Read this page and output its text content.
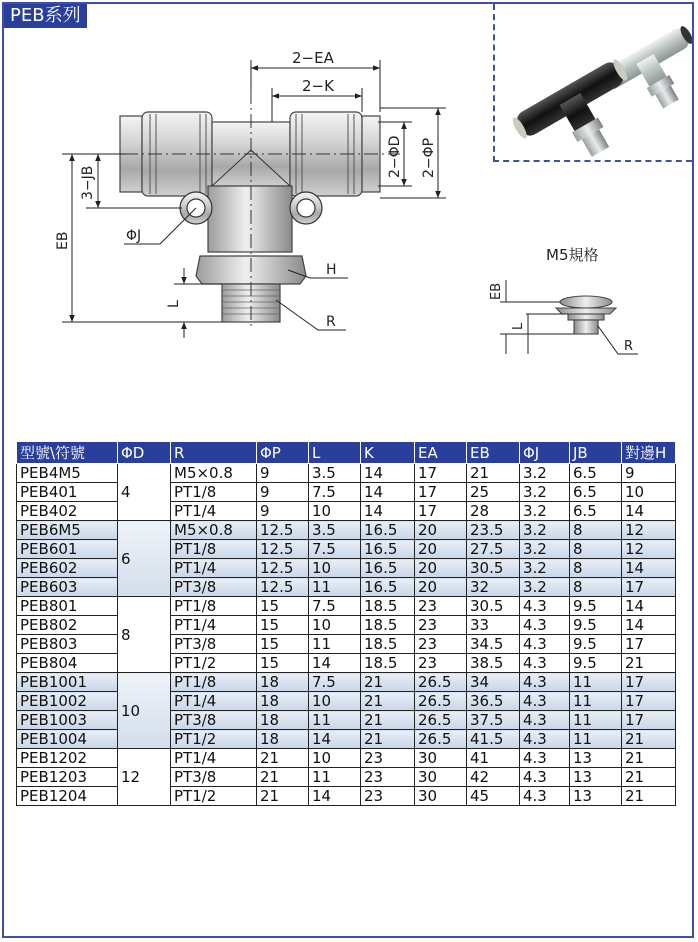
PEB系列
2−EA
2−K
2−ΦD 2−ΦP
3−JB
EB	ΦJ
H
L
R
M5規格
EB
L
R
型號\符號	ΦD	R	ΦP	L	K	EA	EB	ΦJ	JB	對邊H
PEB4M5	4	M5×0.8	9	3.5	14	17	21	3.2	6.5	9
PEB401		PT1/8	9	7.5	14	17	25	3.2	6.5	10
PEB402		PT1/4	9	10	14	17	28	3.2	6.5	14
PEB6M5	6	M5×0.8	12.5	3.5	16.5	20	23.5	3.2	8	12
PEB601		PT1/8	12.5	7.5	16.5	20	27.5	3.2	8	12
PEB602		PT1/4	12.5	10	16.5	20	30.5	3.2	8	14
PEB603		PT3/8	12.5	11	16.5	20	32	3.2	8	17
PEB801	8	PT1/8	15	7.5	18.5	23	30.5	4.3	9.5	14
PEB802		PT1/4	15	10	18.5	23	33	4.3	9.5	14
PEB803		PT3/8	15	11	18.5	23	34.5	4.3	9.5	17
PEB804		PT1/2	15	14	18.5	23	38.5	4.3	9.5	21
PEB1001	10	PT1/8	18	7.5	21	26.5	34	4.3	11	17
PEB1002		PT1/4	18	10	21	26.5	36.5	4.3	11	17
PEB1003		PT3/8	18	11	21	26.5	37.5	4.3	11	17
PEB1004		PT1/2	18	14	21	26.5	41.5	4.3	11	21
PEB1202	12	PT1/4	21	10	23	30	41	4.3	13	21
PEB1203		PT3/8	21	11	23	30	42	4.3	13	21
PEB1204		PT1/2	21	14	23	30	45	4.3	13	21
